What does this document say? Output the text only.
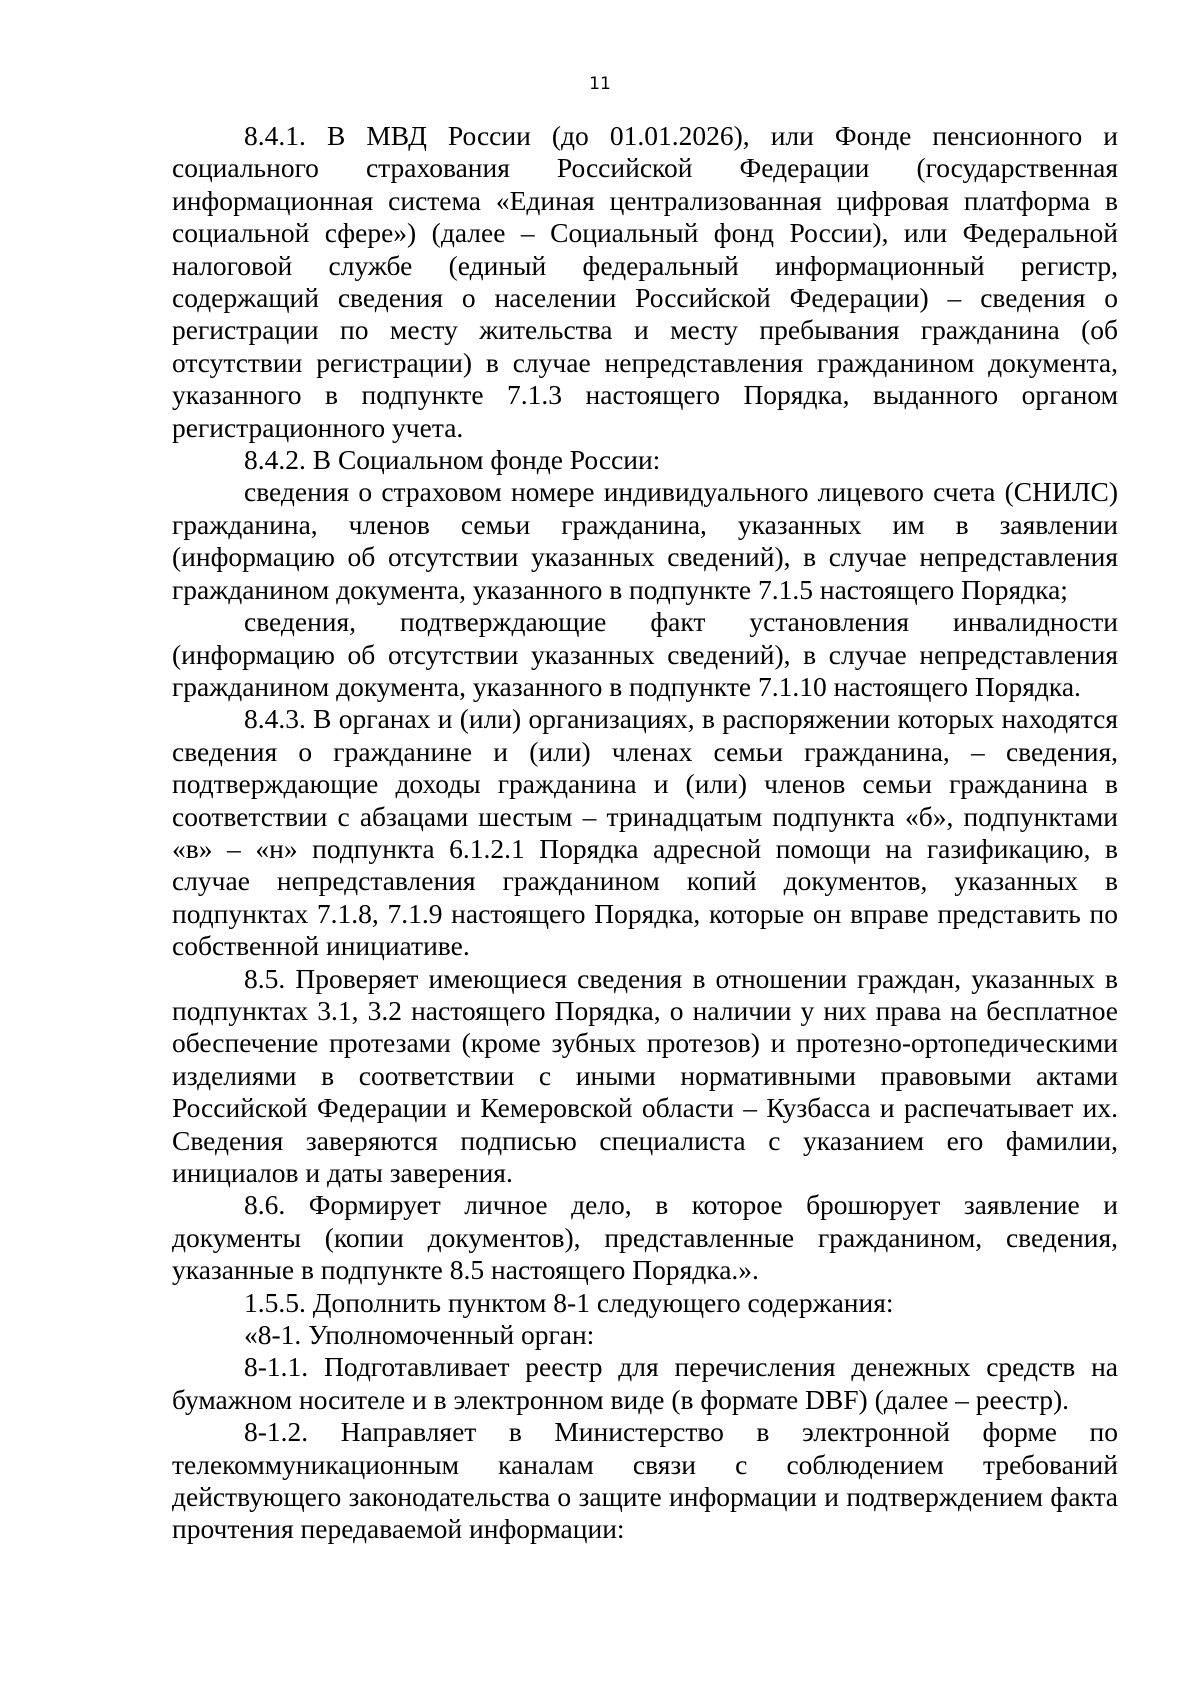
11

8.4.1. В МВД России (до 01.01.2026), или Фонде пенсионного и социального страхования Российской Федерации (государственная информационная система «Единая централизованная цифровая платформа в социальной сфере») (далее – Социальный фонд России), или Федеральной налоговой службе (единый федеральный информационный регистр, содержащий сведения о населении Российской Федерации) – сведения о регистрации по месту жительства и месту пребывания гражданина (об отсутствии регистрации) в случае непредставления гражданином документа, указанного в подпункте 7.1.3 настоящего Порядка, выданного органом регистрационного учета.

8.4.2. В Социальном фонде России:

сведения о страховом номере индивидуального лицевого счета (СНИЛС) гражданина, членов семьи гражданина, указанных им в заявлении (информацию об отсутствии указанных сведений), в случае непредставления гражданином документа, указанного в подпункте 7.1.5 настоящего Порядка;

сведения, подтверждающие факт установления инвалидности (информацию об отсутствии указанных сведений), в случае непредставления гражданином документа, указанного в подпункте 7.1.10 настоящего Порядка.

8.4.3. В органах и (или) организациях, в распоряжении которых находятся сведения о гражданине и (или) членах семьи гражданина, – сведения, подтверждающие доходы гражданина и (или) членов семьи гражданина в соответствии с абзацами шестым – тринадцатым подпункта «б», подпунктами «в» – «н» подпункта 6.1.2.1 Порядка адресной помощи на газификацию, в случае непредставления гражданином копий документов, указанных в подпунктах 7.1.8, 7.1.9 настоящего Порядка, которые он вправе представить по собственной инициативе.

8.5. Проверяет имеющиеся сведения в отношении граждан, указанных в подпунктах 3.1, 3.2 настоящего Порядка, о наличии у них права на бесплатное обеспечение протезами (кроме зубных протезов) и протезно-ортопедическими изделиями в соответствии с иными нормативными правовыми актами Российской Федерации и Кемеровской области – Кузбасса и распечатывает их. Сведения заверяются подписью специалиста с указанием его фамилии, инициалов и даты заверения.

8.6. Формирует личное дело, в которое брошюрует заявление и документы (копии документов), представленные гражданином, сведения, указанные в подпункте 8.5 настоящего Порядка.».

1.5.5. Дополнить пунктом 8-1 следующего содержания:

«8-1. Уполномоченный орган:

8-1.1. Подготавливает реестр для перечисления денежных средств на бумажном носителе и в электронном виде (в формате DBF) (далее – реестр).

8-1.2. Направляет в Министерство в электронной форме по телекоммуникационным каналам связи с соблюдением требований действующего законодательства о защите информации и подтверждением факта прочтения передаваемой информации:
